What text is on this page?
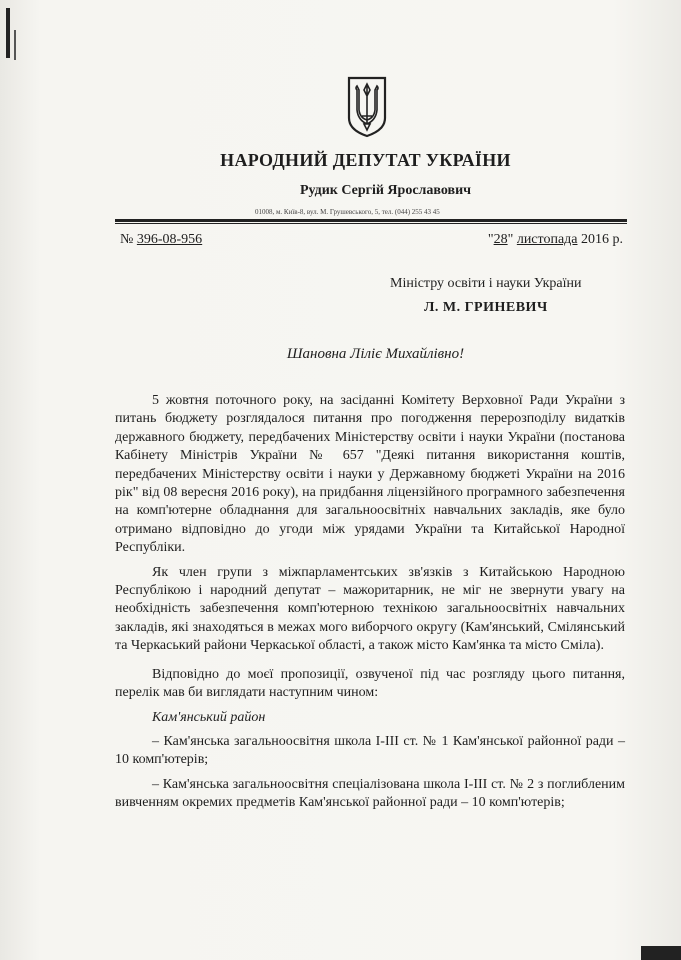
НАРОДНИЙ ДЕПУТАТ УКРАЇНИ
Рудик Сергій Ярославович
01008, м. Київ-8, вул. М. Грушевського, 5, тел. (044) 255 43 45
№ 396-08-956	"28" листопада 2016 р.
Міністру освіти і науки України
Л. М. ГРИНЕВИЧ
Шановна Ліліє Михайлівно!

5 жовтня поточного року, на засіданні Комітету Верховної Ради України з питань бюджету розглядалося питання про погодження перерозподілу видатків державного бюджету, передбачених Міністерству освіти і науки України (постанова Кабінету Міністрів України № 657 "Деякі питання використання коштів, передбачених Міністерству освіти і науки у Державному бюджеті України на 2016 рік" від 08 вересня 2016 року), на придбання ліцензійного програмного забезпечення на комп'ютерне обладнання для загальноосвітніх навчальних закладів, яке було отримано відповідно до угоди між урядами України та Китайської Народної Республіки.

Як член групи з міжпарламентських зв'язків з Китайською Народною Республікою і народний депутат – мажоритарник, не міг не звернути увагу на необхідність забезпечення комп'ютерною технікою загальноосвітніх навчальних закладів, які знаходяться в межах мого виборчого округу (Кам'янський, Смілянський та Черкаський райони Черкаської області, а також місто Кам'янка та місто Сміла).

Відповідно до моєї пропозиції, озвученої під час розгляду цього питання, перелік мав би виглядати наступним чином:

Кам'янський район

– Кам'янська загальноосвітня школа І-ІІІ ст. № 1 Кам'янської районної ради – 10 комп'ютерів;

– Кам'янська загальноосвітня спеціалізована школа І-ІІІ ст. № 2 з поглибленим вивченням окремих предметів Кам'янської районної ради – 10 комп'ютерів;
